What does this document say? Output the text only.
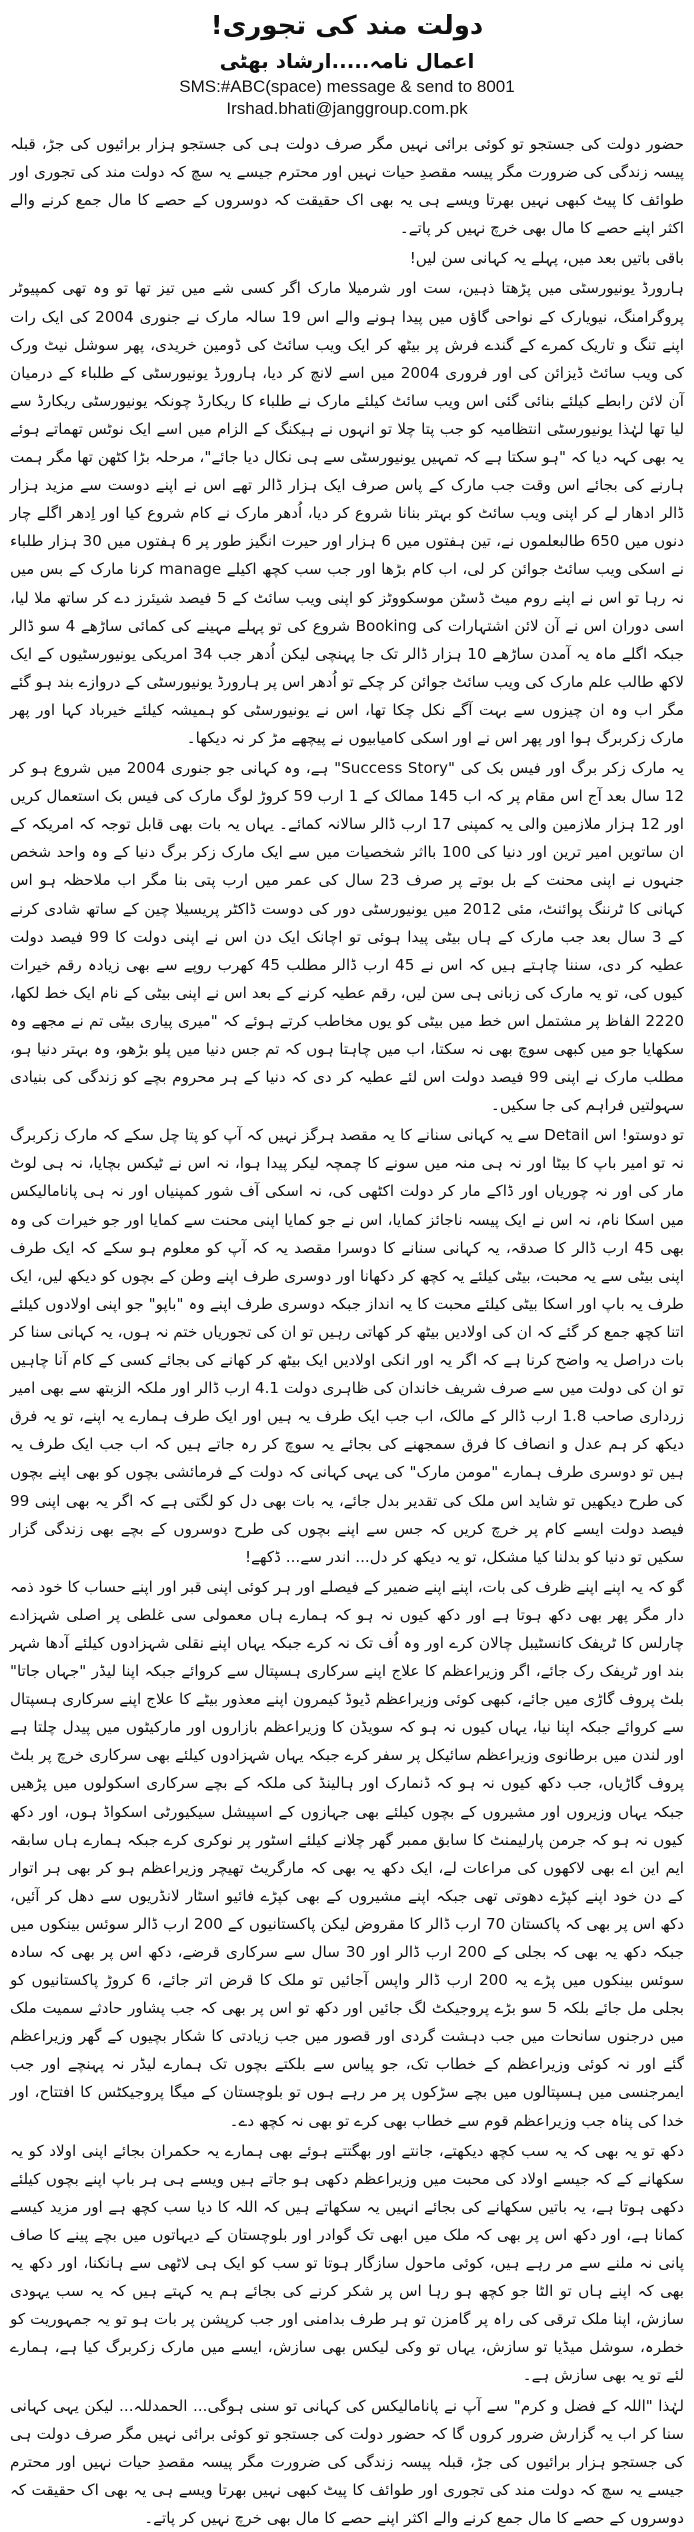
دولت مند کی تجوری!
اعمال نامہ.....ارشاد بھٹی
SMS:#ABC(space) message & send to 8001
Irshad.bhati@janggroup.com.pk

حضور دولت کی جستجو تو کوئی برائی نہیں مگر صرف دولت ہی کی جستجو ہزار برائیوں کی جڑ، قبلہ پیسہ زندگی کی ضرورت مگر پیسہ مقصدِ حیات نہیں اور محترم جیسے یہ سچ کہ دولت مند کی تجوری اور طوائف کا پیٹ کبھی نہیں بھرتا ویسے ہی یہ بھی اک حقیقت کہ دوسروں کے حصے کا مال جمع کرنے والے اکثر اپنے حصے کا مال بھی خرچ نہیں کر پاتے۔

باقی باتیں بعد میں، پہلے یہ کہانی سن لیں!

ہارورڈ یونیورسٹی میں پڑھتا ذہین، ست اور شرمیلا مارک اگر کسی شے میں تیز تھا تو وہ تھی کمپیوٹر پروگرامنگ، نیویارک کے نواحی گاؤں میں پیدا ہونے والے اس 19 سالہ مارک نے جنوری 2004 کی ایک رات اپنے تنگ و تاریک کمرے کے گندے فرش پر بیٹھ کر ایک ویب سائٹ کی ڈومین خریدی، پھر سوشل نیٹ ورک کی ویب سائٹ ڈیزائن کی اور فروری 2004 میں اسے لانچ کر دیا، ہارورڈ یونیورسٹی کے طلباء کے درمیان آن لائن رابطے کیلئے بنائی گئی اس ویب سائٹ کیلئے مارک نے طلباء کا ریکارڈ چونکہ یونیورسٹی ریکارڈ سے لیا تھا لہٰذا یونیورسٹی انتظامیہ کو جب پتا چلا تو انہوں نے ہیکنگ کے الزام میں اسے ایک نوٹس تھماتے ہوئے یہ بھی کہہ دیا کہ "ہو سکتا ہے کہ تمہیں یونیورسٹی سے ہی نکال دیا جائے"، مرحلہ بڑا کٹھن تھا مگر ہمت ہارنے کی بجائے اس وقت جب مارک کے پاس صرف ایک ہزار ڈالر تھے اس نے اپنے دوست سے مزید ہزار ڈالر ادھار لے کر اپنی ویب سائٹ کو بہتر بنانا شروع کر دیا، اُدھر مارک نے کام شروع کیا اور اِدھر اگلے چار دنوں میں 650 طالبعلموں نے، تین ہفتوں میں 6 ہزار اور حیرت انگیز طور پر 6 ہفتوں میں 30 ہزار طلباء نے اسکی ویب سائٹ جوائن کر لی، اب کام بڑھا اور جب سب کچھ اکیلے manage کرنا مارک کے بس میں نہ رہا تو اس نے اپنے روم میٹ ڈسٹن موسکووٹز کو اپنی ویب سائٹ کے 5 فیصد شیئرز دے کر ساتھ ملا لیا، اسی دوران اس نے آن لائن اشتہارات کی Booking شروع کی تو پہلے مہینے کی کمائی ساڑھے 4 سو ڈالر جبکہ اگلے ماہ یہ آمدن ساڑھے 10 ہزار ڈالر تک جا پہنچی لیکن اُدھر جب 34 امریکی یونیورسٹیوں کے ایک لاکھ طالب علم مارک کی ویب سائٹ جوائن کر چکے تو اُدھر اس پر ہارورڈ یونیورسٹی کے دروازے بند ہو گئے مگر اب وہ ان چیزوں سے بہت آگے نکل چکا تھا، اس نے یونیورسٹی کو ہمیشہ کیلئے خیرباد کہا اور پھر مارک زکربرگ ہوا اور پھر اس نے اور اسکی کامیابیوں نے پیچھے مڑ کر نہ دیکھا۔

یہ مارک زکر برگ اور فیس بک کی "Success Story" ہے، وہ کہانی جو جنوری 2004 میں شروع ہو کر 12 سال بعد آج اس مقام پر کہ اب 145 ممالک کے 1 ارب 59 کروڑ لوگ مارک کی فیس بک استعمال کریں اور 12 ہزار ملازمین والی یہ کمپنی 17 ارب ڈالر سالانہ کمائے۔ یہاں یہ بات بھی قابل توجہ کہ امریکہ کے ان ساتویں امیر ترین اور دنیا کی 100 بااثر شخصیات میں سے ایک مارک زکر برگ دنیا کے وہ واحد شخص جنہوں نے اپنی محنت کے بل بوتے پر صرف 23 سال کی عمر میں ارب پتی بنا مگر اب ملاحظہ ہو اس کہانی کا ٹرننگ پوائنٹ، مئی 2012 میں یونیورسٹی دور کی دوست ڈاکٹر پریسیلا چین کے ساتھ شادی کرنے کے 3 سال بعد جب مارک کے ہاں بیٹی پیدا ہوئی تو اچانک ایک دن اس نے اپنی دولت کا 99 فیصد دولت عطیہ کر دی، سننا چاہتے ہیں کہ اس نے 45 ارب ڈالر مطلب 45 کھرب روپے سے بھی زیادہ رقم خیرات کیوں کی، تو یہ مارک کی زبانی ہی سن لیں، رقم عطیہ کرنے کے بعد اس نے اپنی بیٹی کے نام ایک خط لکھا، 2220 الفاظ پر مشتمل اس خط میں بیٹی کو یوں مخاطب کرتے ہوئے کہ "میری پیاری بیٹی تم نے مجھے وہ سکھایا جو میں کبھی سوچ بھی نہ سکتا، اب میں چاہتا ہوں کہ تم جس دنیا میں پلو بڑھو، وہ بہتر دنیا ہو، مطلب مارک نے اپنی 99 فیصد دولت اس لئے عطیہ کر دی کہ دنیا کے ہر محروم بچے کو زندگی کی بنیادی سہولتیں فراہم کی جا سکیں۔

تو دوستو! اس Detail سے یہ کہانی سنانے کا یہ مقصد ہرگز نہیں کہ آپ کو پتا چل سکے کہ مارک زکربرگ نہ تو امیر باپ کا بیٹا اور نہ ہی منہ میں سونے کا چمچہ لیکر پیدا ہوا، نہ اس نے ٹیکس بچایا، نہ ہی لوٹ مار کی اور نہ چوریاں اور ڈاکے مار کر دولت اکٹھی کی، نہ اسکی آف شور کمپنیاں اور نہ ہی پانامالیکس میں اسکا نام، نہ اس نے ایک پیسہ ناجائز کمایا، اس نے جو کمایا اپنی محنت سے کمایا اور جو خیرات کی وہ بھی 45 ارب ڈالر کا صدقہ، یہ کہانی سنانے کا دوسرا مقصد یہ کہ آپ کو معلوم ہو سکے کہ ایک طرف اپنی بیٹی سے یہ محبت، بیٹی کیلئے یہ کچھ کر دکھانا اور دوسری طرف اپنے وطن کے بچوں کو دیکھ لیں، ایک طرف یہ باپ اور اسکا بیٹی کیلئے محبت کا یہ انداز جبکہ دوسری طرف اپنے وہ "باپو" جو اپنی اولادوں کیلئے اتنا کچھ جمع کر گئے کہ ان کی اولادیں بیٹھ کر کھاتی رہیں تو ان کی تجوریاں ختم نہ ہوں، یہ کہانی سنا کر بات دراصل یہ واضح کرنا ہے کہ اگر یہ اور انکی اولادیں ایک بیٹھ کر کھانے کی بجائے کسی کے کام آنا چاہیں تو ان کی دولت میں سے صرف شریف خاندان کی ظاہری دولت 4.1 ارب ڈالر اور ملکہ الزبتھ سے بھی امیر زرداری صاحب 1.8 ارب ڈالر کے مالک، اب جب ایک طرف یہ ہیں اور ایک طرف ہمارے یہ اپنے، تو یہ فرق دیکھ کر ہم عدل و انصاف کا فرق سمجھنے کی بجائے یہ سوچ کر رہ جاتے ہیں کہ اب جب ایک طرف یہ ہیں تو دوسری طرف ہمارے "مومن مارک" کی یہی کہانی کہ دولت کے فرمائشی بچوں کو بھی اپنے بچوں کی طرح دیکھیں تو شاید اس ملک کی تقدیر بدل جائے، یہ بات بھی دل کو لگتی ہے کہ اگر یہ بھی اپنی 99 فیصد دولت ایسے کام پر خرچ کریں کہ جس سے اپنے بچوں کی طرح دوسروں کے بچے بھی زندگی گزار سکیں تو دنیا کو بدلنا کیا مشکل، تو یہ دیکھ کر دل... اندر سے... ڈکھے!

گو کہ یہ اپنے اپنے ظرف کی بات، اپنے اپنے ضمیر کے فیصلے اور ہر کوئی اپنی قبر اور اپنے حساب کا خود ذمہ دار مگر پھر بھی دکھ ہوتا ہے اور دکھ کیوں نہ ہو کہ ہمارے ہاں معمولی سی غلطی پر اصلی شہزادے چارلس کا ٹریفک کانسٹیبل چالان کرے اور وہ اُف تک نہ کرے جبکہ یہاں اپنے نقلی شہزادوں کیلئے آدھا شہر بند اور ٹریفک رک جائے، اگر وزیراعظم کا علاج اپنے سرکاری ہسپتال سے کروائے جبکہ اپنا لیڈر "جہاں جاتا" بلٹ پروف گاڑی میں جائے، کبھی کوئی وزیراعظم ڈیوڈ کیمرون اپنے معذور بیٹے کا علاج اپنے سرکاری ہسپتال سے کروائے جبکہ اپنا نیا، یہاں کیوں نہ ہو کہ سویڈن کا وزیراعظم بازاروں اور مارکیٹوں میں پیدل چلتا ہے اور لندن میں برطانوی وزیراعظم سائیکل پر سفر کرے جبکہ یہاں شہزادوں کیلئے بھی سرکاری خرچ پر بلٹ پروف گاڑیاں، جب دکھ کیوں نہ ہو کہ ڈنمارک اور ہالینڈ کی ملکہ کے بچے سرکاری اسکولوں میں پڑھیں جبکہ یہاں وزیروں اور مشیروں کے بچوں کیلئے بھی جہازوں کے اسپیشل سیکیورٹی اسکواڈ ہوں، اور دکھ کیوں نہ ہو کہ جرمن پارلیمنٹ کا سابق ممبر گھر چلانے کیلئے اسٹور پر نوکری کرے جبکہ ہمارے ہاں سابقہ ایم این اے بھی لاکھوں کی مراعات لے، ایک دکھ یہ بھی کہ مارگریٹ تھیچر وزیراعظم ہو کر بھی ہر اتوار کے دن خود اپنے کپڑے دھوتی تھی جبکہ اپنے مشیروں کے بھی کپڑے فائیو اسٹار لانڈریوں سے دھل کر آئیں، دکھ اس پر بھی کہ پاکستان 70 ارب ڈالر کا مقروض لیکن پاکستانیوں کے 200 ارب ڈالر سوئس بینکوں میں جبکہ دکھ یہ بھی کہ بجلی کے 200 ارب ڈالر اور 30 سال سے سرکاری قرضے، دکھ اس پر بھی کہ سادہ سوئس بینکوں میں پڑے یہ 200 ارب ڈالر واپس آجائیں تو ملک کا قرض اتر جائے، 6 کروڑ پاکستانیوں کو بجلی مل جائے بلکہ 5 سو بڑے پروجیکٹ لگ جائیں اور دکھ تو اس پر بھی کہ جب پشاور حادثے سمیت ملک میں درجنوں سانحات میں جب دہشت گردی اور قصور میں جب زیادتی کا شکار بچیوں کے گھر وزیراعظم گئے اور نہ کوئی وزیراعظم کے خطاب تک، جو پیاس سے بلکتے بچوں تک ہمارے لیڈر نہ پہنچے اور جب ایمرجنسی میں ہسپتالوں میں بچے سڑکوں پر مر رہے ہوں تو بلوچستان کے میگا پروجیکٹس کا افتتاح، اور خدا کی پناہ جب وزیراعظم قوم سے خطاب بھی کرے تو بھی نہ کچھ دے۔

دکھ تو یہ بھی کہ یہ سب کچھ دیکھتے، جانتے اور بھگتتے ہوئے بھی ہمارے یہ حکمران بجائے اپنی اولاد کو یہ سکھانے کے کہ جیسے اولاد کی محبت میں وزیراعظم دکھی ہو جاتے ہیں ویسے ہی ہر باپ اپنے بچوں کیلئے دکھی ہوتا ہے، یہ باتیں سکھانے کی بجائے انہیں یہ سکھاتے ہیں کہ اللہ کا دیا سب کچھ ہے اور مزید کیسے کمانا ہے، اور دکھ اس پر بھی کہ ملک میں ابھی تک گوادر اور بلوچستان کے دیہاتوں میں بچے پینے کا صاف پانی نہ ملنے سے مر رہے ہیں، کوئی ماحول سازگار ہوتا تو سب کو ایک ہی لاٹھی سے ہانکنا، اور دکھ یہ بھی کہ اپنے ہاں تو الٹا جو کچھ ہو رہا اس پر شکر کرنے کی بجائے ہم یہ کہتے ہیں کہ یہ سب یہودی سازش، اپنا ملک ترقی کی راہ پر گامزن تو ہر طرف بدامنی اور جب کرپشن پر بات ہو تو یہ جمہوریت کو خطرہ، سوشل میڈیا تو سازش، یہاں تو وکی لیکس بھی سازش، ایسے میں مارک زکربرگ کیا ہے، ہمارے لئے تو یہ بھی سازش ہے۔

لہٰذا "اللہ کے فضل و کرم" سے آپ نے پانامالیکس کی کہانی تو سنی ہوگی... الحمدللہ... لیکن یہی کہانی سنا کر اب یہ گزارش ضرور کروں گا کہ حضور دولت کی جستجو تو کوئی برائی نہیں مگر صرف دولت ہی کی جستجو ہزار برائیوں کی جڑ، قبلہ پیسہ زندگی کی ضرورت مگر پیسہ مقصدِ حیات نہیں اور محترم جیسے یہ سچ کہ دولت مند کی تجوری اور طوائف کا پیٹ کبھی نہیں بھرتا ویسے ہی یہ بھی اک حقیقت کہ دوسروں کے حصے کا مال جمع کرنے والے اکثر اپنے حصے کا مال بھی خرچ نہیں کر پاتے۔
